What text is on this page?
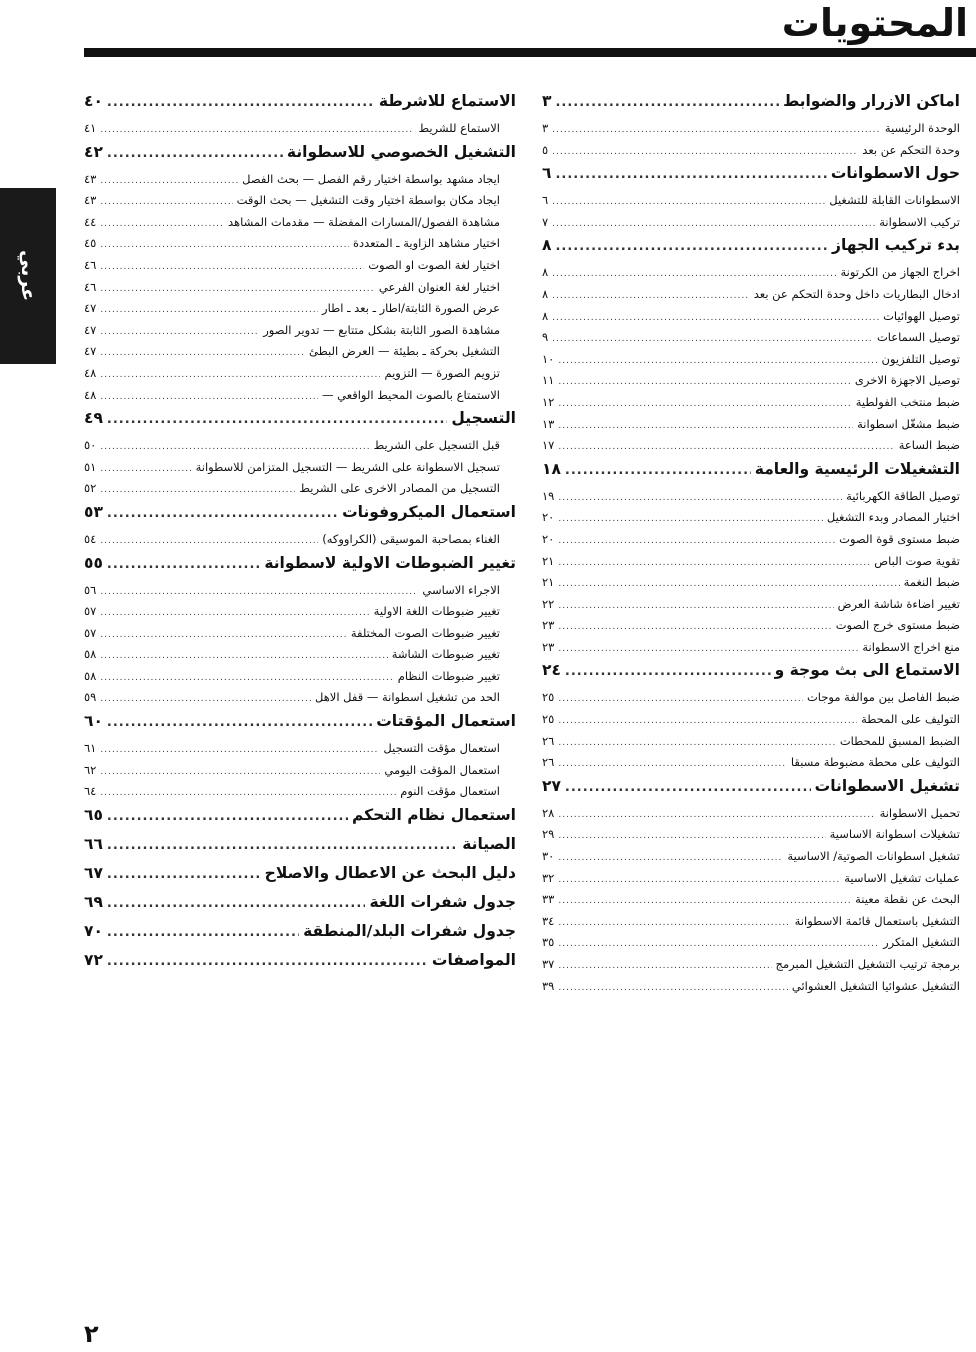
المحتويات
عربي
اماكن الازرار والضوابط
.....
٣
الوحدة الرئيسية
.....
٣
وحدة التحكم عن بعد
.....
٥
حول الاسطوانات
.....
٦
الاسطوانات القابلة للتشغيل
.....
٦
تركيب الاسطوانة
.....
٧
بدء تركيب الجهاز
.....
٨
اخراج الجهاز من الكرتونة
.....
٨
ادخال البطاريات داخل وحدة التحكم عن بعد
.....
٨
توصيل الهوائيات
.....
٨
توصيل السماعات
.....
٩
توصيل التلفزيون
.....
١٠
توصيل الاجهزة الاخرى
.....
١١
ضبط منتخب الفولطية
.....
١٢
ضبط مشغّل اسطوانة
.....
١٣
ضبط الساعة
.....
١٧
التشغيلات الرئيسية والعامة
.....
١٨
توصيل الطاقة الكهربائية
.....
١٩
اختيار المصادر وبدء التشغيل
.....
٢٠
ضبط مستوى قوة الصوت
.....
٢٠
تقوية صوت الباص
.....
٢١
ضبط النغمة
.....
٢١
تغيير اضاءة شاشة العرض
.....
٢٢
ضبط مستوى خرج الصوت
.....
٢٣
منع اخراج الاسطوانة
.....
٢٣
الاستماع الى بث موجة و
.....
٢٤
ضبط الفاصل بين موالفة موجات
.....
٢٥
التوليف على المحطة
.....
٢٥
الضبط المسبق للمحطات
.....
٢٦
التوليف على محطة مضبوطة مسبقا
.....
٢٦
تشغيل الاسطوانات
.....
٢٧
تحميل الاسطوانة
.....
٢٨
تشغيلات اسطوانة الاساسية
.....
٢٩
تشغيل اسطوانات الصوتية/ الاساسية
.....
٣٠
عمليات تشغيل الاساسية
.....
٣٢
البحث عن نقطة معينة
.....
٣٣
التشغيل باستعمال قائمة الاسطوانة
.....
٣٤
التشغيل المتكرر
.....
٣٥
برمجة ترتيب التشغيل التشغيل المبرمج
.....
٣٧
التشغيل عشوائيا التشغيل العشوائي
.....
٣٩
الاستماع للاشرطة
.....
٤٠
الاستماع للشريط
.....
٤١
التشغيل الخصوصي للاسطوانة
.....
٤٢
ايجاد مشهد بواسطة اختيار رقم الفصل — بحث الفصل
.....
٤٣
ايجاد مكان بواسطة اختيار وقت التشغيل — بحث الوقت
.....
٤٣
مشاهدة الفصول/المسارات المفضلة — مقدمات المشاهد
.....
٤٤
اختيار مشاهد الزاوية ـ المتعددة
.....
٤٥
اختيار لغة الصوت او الصوت
.....
٤٦
اختيار لغة العنوان الفرعي
.....
٤٦
عرض الصورة الثابتة/اطار ـ بعد ـ اطار
.....
٤٧
مشاهدة الصور الثابتة بشكل متتابع — تدوير الصور
.....
٤٧
التشغيل بحركة ـ بطيئة — العرض البطئ
.....
٤٧
تزويم الصورة — التزويم
.....
٤٨
الاستمتاع بالصوت المحيط الواقعي —
.....
٤٨
التسجيل
.....
٤٩
قبل التسجيل على الشريط
.....
٥٠
تسجيل الاسطوانة على الشريط — التسجيل المتزامن للاسطوانة
.....
٥١
التسجيل من المصادر الاخرى على الشريط
.....
٥٢
استعمال الميكروفونات
.....
٥٣
الغناء بمصاحبة الموسيقى (الكراووكه)
.....
٥٤
تغيير الضبوطات الاولية لاسطوانة
.....
٥٥
الاجراء الاساسي
.....
٥٦
تغيير ضبوطات اللغة الاولية
.....
٥٧
تغيير ضبوطات الصوت المختلفة
.....
٥٧
تغيير ضبوطات الشاشة
.....
٥٨
تغيير ضبوطات النظام
.....
٥٨
الحد من تشغيل اسطوانة — قفل الاهل
.....
٥٩
استعمال المؤقتات
.....
٦٠
استعمال مؤقت التسجيل
.....
٦١
استعمال المؤقت اليومي
.....
٦٢
استعمال مؤقت النوم
.....
٦٤
استعمال نظام التحكم
.....
٦٥
الصيانة
.....
٦٦
دليل البحث عن الاعطال والاصلاح
.....
٦٧
جدول شفرات اللغة
.....
٦٩
جدول شفرات البلد/المنطقة
.....
٧٠
المواصفات
.....
٧٢
٢
